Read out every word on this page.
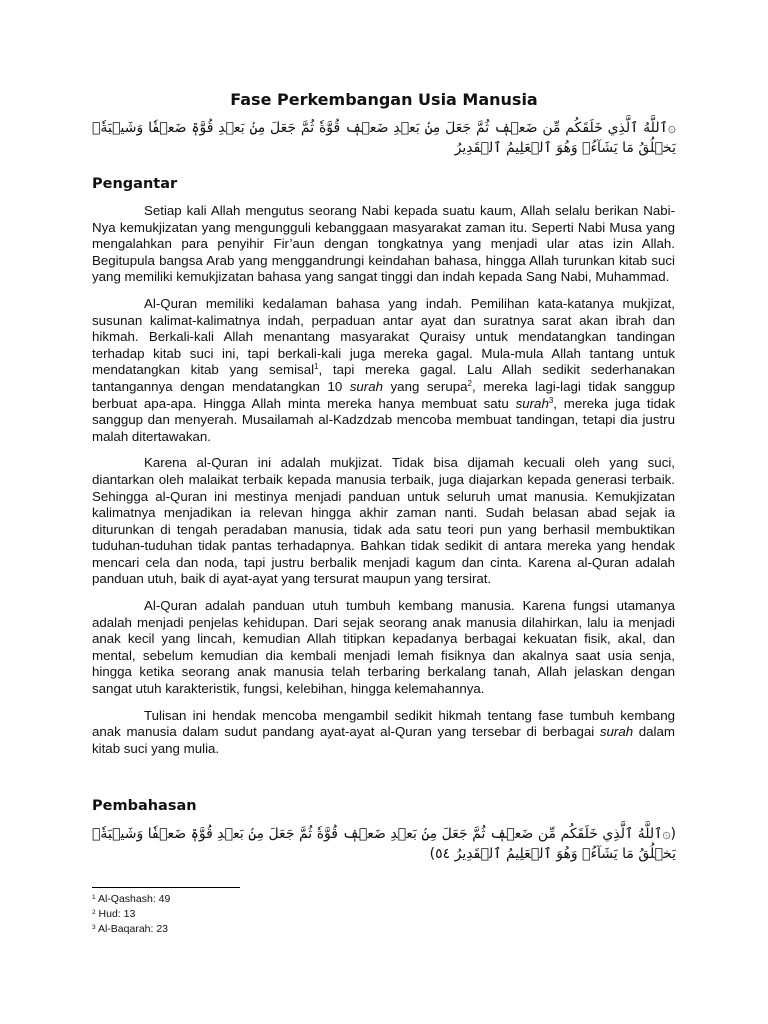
Fase Perkembangan Usia Manusia
۞ٱللَّهُ ٱلَّذِي خَلَقَكُم مِّن ضَعۡفٖ ثُمَّ جَعَلَ مِنۢ بَعۡدِ ضَعۡفٖ قُوَّةٗ ثُمَّ جَعَلَ مِنۢ بَعۡدِ قُوَّةٖ ضَعۡفٗا وَشَيۡبَةٗۚ يَخۡلُقُ مَا يَشَآءُۚ وَهُوَ ٱلۡعَلِيمُ ٱلۡقَدِيرُ
Pengantar

Setiap kali Allah mengutus seorang Nabi kepada suatu kaum, Allah selalu berikan Nabi-Nya kemukjizatan yang mengungguli kebanggaan masyarakat zaman itu. Seperti Nabi Musa yang mengalahkan para penyihir Fir’aun dengan tongkatnya yang menjadi ular atas izin Allah. Begitupula bangsa Arab yang menggandrungi keindahan bahasa, hingga Allah turunkan kitab suci yang memiliki kemukjizatan bahasa yang sangat tinggi dan indah kepada Sang Nabi, Muhammad.

Al-Quran memiliki kedalaman bahasa yang indah. Pemilihan kata-katanya mukjizat, susunan kalimat-kalimatnya indah, perpaduan antar ayat dan suratnya sarat akan ibrah dan hikmah. Berkali-kali Allah menantang masyarakat Quraisy untuk mendatangkan tandingan terhadap kitab suci ini, tapi berkali-kali juga mereka gagal. Mula-mula Allah tantang untuk mendatangkan kitab yang semisal$^1$, tapi mereka gagal. Lalu Allah sedikit sederhanakan tantangannya dengan mendatangkan 10 surah yang serupa$^2$, mereka lagi-lagi tidak sanggup berbuat apa-apa. Hingga Allah minta mereka hanya membuat satu surah$^3$, mereka juga tidak sanggup dan menyerah. Musailamah al-Kadzdzab mencoba membuat tandingan, tetapi dia justru malah ditertawakan.

Karena al-Quran ini adalah mukjizat. Tidak bisa dijamah kecuali oleh yang suci, diantarkan oleh malaikat terbaik kepada manusia terbaik, juga diajarkan kepada generasi terbaik. Sehingga al-Quran ini mestinya menjadi panduan untuk seluruh umat manusia. Kemukjizatan kalimatnya menjadikan ia relevan hingga akhir zaman nanti. Sudah belasan abad sejak ia diturunkan di tengah peradaban manusia, tidak ada satu teori pun yang berhasil membuktikan tuduhan-tuduhan tidak pantas terhadapnya. Bahkan tidak sedikit di antara mereka yang hendak mencari cela dan noda, tapi justru berbalik menjadi kagum dan cinta. Karena al-Quran adalah panduan utuh, baik di ayat-ayat yang tersurat maupun yang tersirat.

Al-Quran adalah panduan utuh tumbuh kembang manusia. Karena fungsi utamanya adalah menjadi penjelas kehidupan. Dari sejak seorang anak manusia dilahirkan, lalu ia menjadi anak kecil yang lincah, kemudian Allah titipkan kepadanya berbagai kekuatan fisik, akal, dan mental, sebelum kemudian dia kembali menjadi lemah fisiknya dan akalnya saat usia senja, hingga ketika seorang anak manusia telah terbaring berkalang tanah, Allah jelaskan dengan sangat utuh karakteristik, fungsi, kelebihan, hingga kelemahannya.

Tulisan ini hendak mencoba mengambil sedikit hikmah tentang fase tumbuh kembang anak manusia dalam sudut pandang ayat-ayat al-Quran yang tersebar di berbagai surah dalam kitab suci yang mulia.

Pembahasan
(۞ٱللَّهُ ٱلَّذِي خَلَقَكُم مِّن ضَعۡفٖ ثُمَّ جَعَلَ مِنۢ بَعۡدِ ضَعۡفٖ قُوَّةٗ ثُمَّ جَعَلَ مِنۢ بَعۡدِ قُوَّةٖ ضَعۡفٗا وَشَيۡبَةٗۚ يَخۡلُقُ مَا يَشَآءُۚ وَهُوَ ٱلۡعَلِيمُ ٱلۡقَدِيرُ ٥٤)
$^1$ Al-Qashash: 49
$^2$ Hud: 13
$^3$ Al-Baqarah: 23
